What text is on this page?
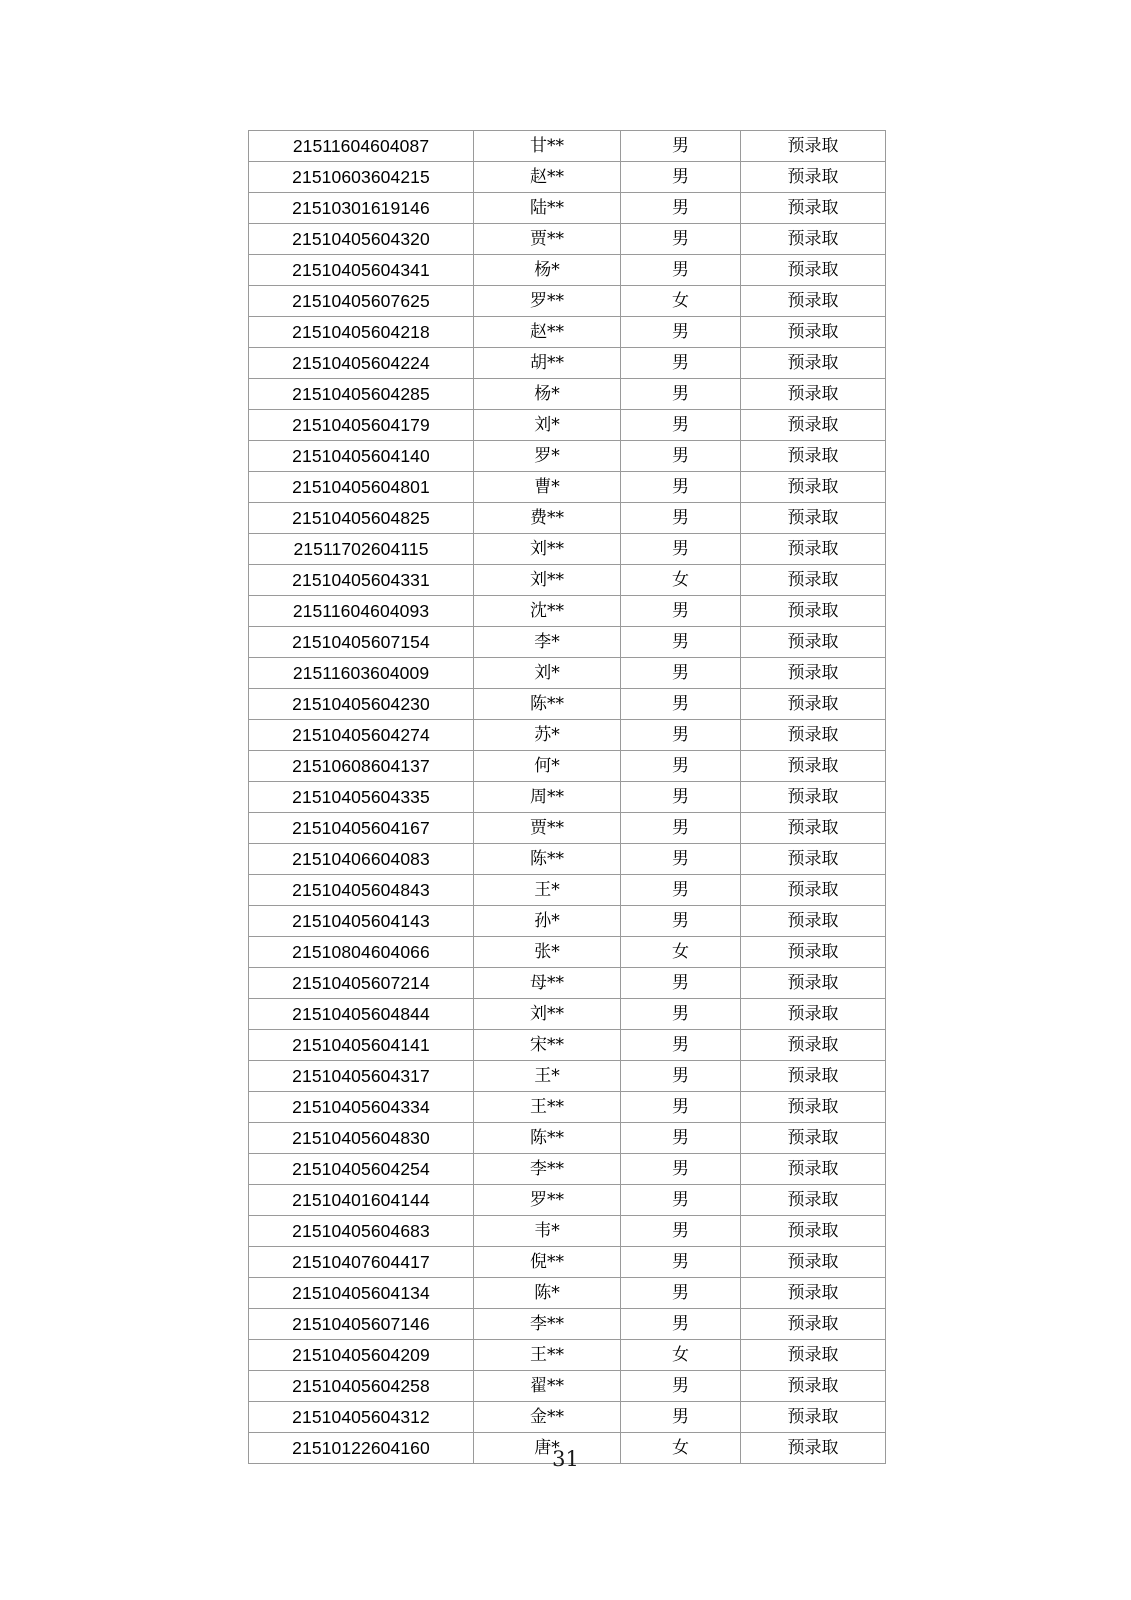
21511604604087	甘**	男	预录取
21510603604215	赵**	男	预录取
21510301619146	陆**	男	预录取
21510405604320	贾**	男	预录取
21510405604341	杨*	男	预录取
21510405607625	罗**	女	预录取
21510405604218	赵**	男	预录取
21510405604224	胡**	男	预录取
21510405604285	杨*	男	预录取
21510405604179	刘*	男	预录取
21510405604140	罗*	男	预录取
21510405604801	曹*	男	预录取
21510405604825	费**	男	预录取
21511702604115	刘**	男	预录取
21510405604331	刘**	女	预录取
21511604604093	沈**	男	预录取
21510405607154	李*	男	预录取
21511603604009	刘*	男	预录取
21510405604230	陈**	男	预录取
21510405604274	苏*	男	预录取
21510608604137	何*	男	预录取
21510405604335	周**	男	预录取
21510405604167	贾**	男	预录取
21510406604083	陈**	男	预录取
21510405604843	王*	男	预录取
21510405604143	孙*	男	预录取
21510804604066	张*	女	预录取
21510405607214	母**	男	预录取
21510405604844	刘**	男	预录取
21510405604141	宋**	男	预录取
21510405604317	王*	男	预录取
21510405604334	王**	男	预录取
21510405604830	陈**	男	预录取
21510405604254	李**	男	预录取
21510401604144	罗**	男	预录取
21510405604683	韦*	男	预录取
21510407604417	倪**	男	预录取
21510405604134	陈*	男	预录取
21510405607146	李**	男	预录取
21510405604209	王**	女	预录取
21510405604258	翟**	男	预录取
21510405604312	金**	男	预录取
21510122604160	唐*	女	预录取
31
